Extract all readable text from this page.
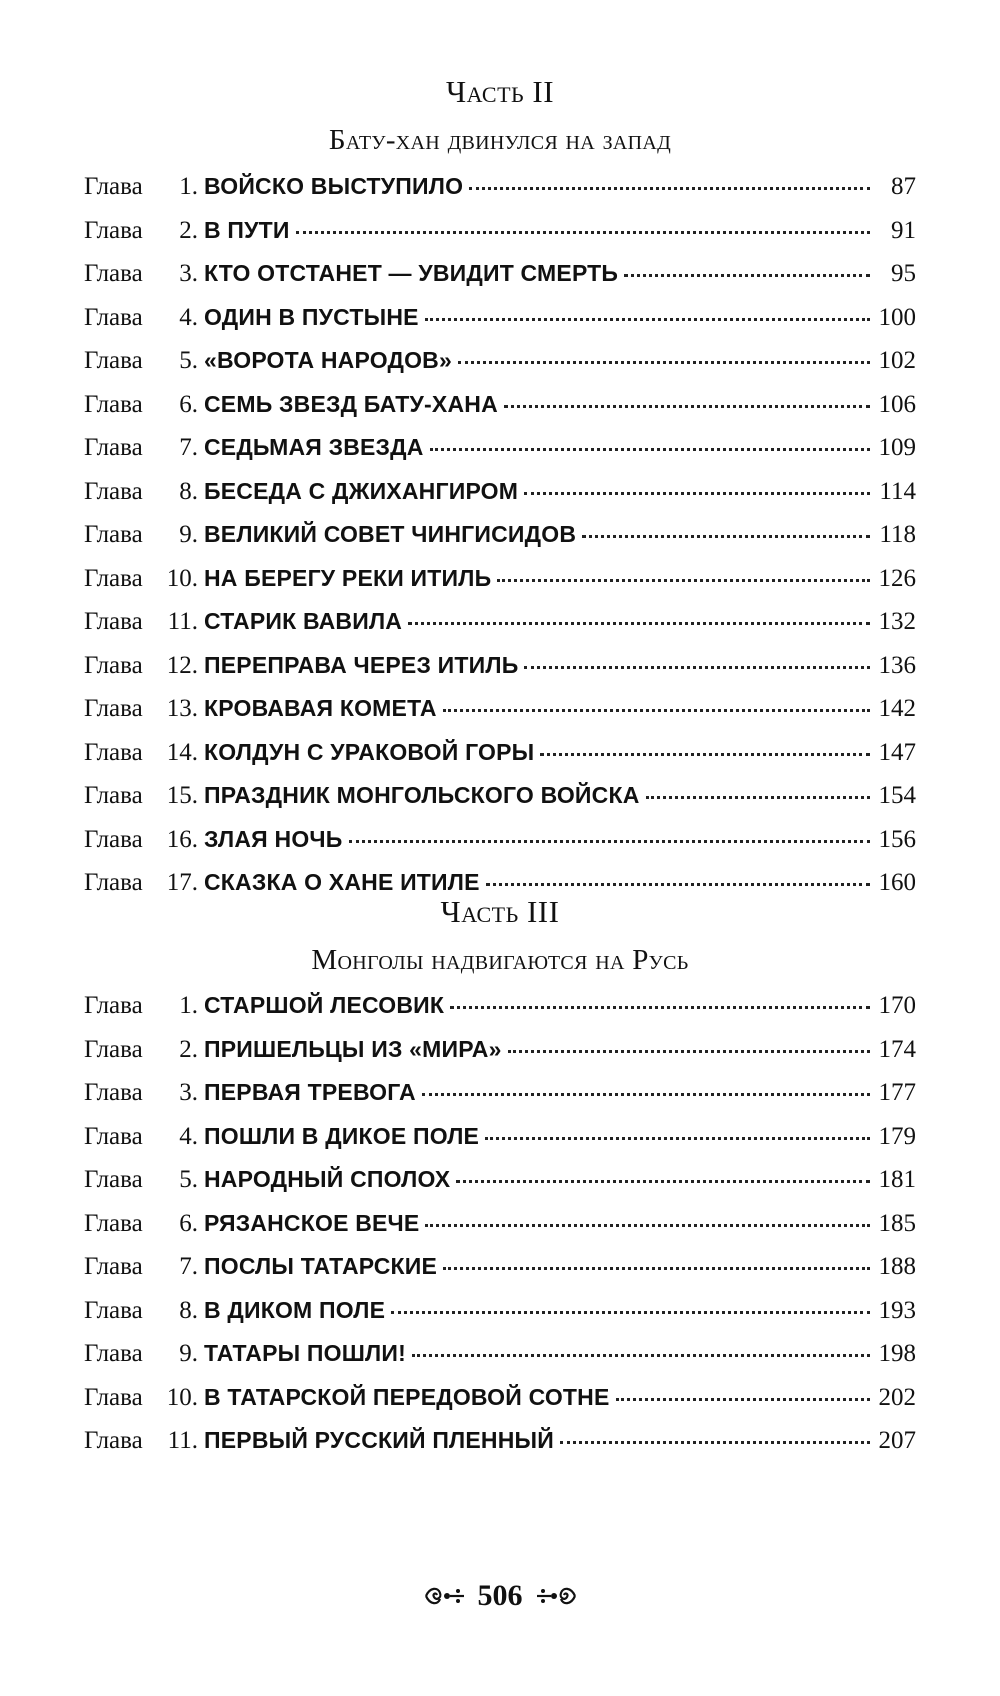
Часть II
Бату-хан двинулся на запад
Глава	1. ВОЙСКО ВЫСТУПИЛО	87
Глава	2. В ПУТИ	91
Глава	3. КТО ОТСТАНЕТ — УВИДИТ СМЕРТЬ	95
Глава	4. ОДИН В ПУСТЫНЕ	100
Глава	5. «ВОРОТА НАРОДОВ»	102
Глава	6. СЕМЬ ЗВЕЗД БАТУ-ХАНА	106
Глава	7. СЕДЬМАЯ ЗВЕЗДА	109
Глава	8. БЕСЕДА С ДЖИХАНГИРОМ	114
Глава	9. ВЕЛИКИЙ СОВЕТ ЧИНГИСИДОВ	118
Глава 10. НА БЕРЕГУ РЕКИ ИТИЛЬ	126
Глава 11. СТАРИК ВАВИЛА	132
Глава 12. ПЕРЕПРАВА ЧЕРЕЗ ИТИЛЬ	136
Глава 13. КРОВАВАЯ КОМЕТА	142
Глава 14. КОЛДУН С УРАКОВОЙ ГОРЫ	147
Глава 15. ПРАЗДНИК МОНГОЛЬСКОГО ВОЙСКА	154
Глава 16. ЗЛАЯ НОЧЬ	156
Глава 17. СКАЗКА О ХАНЕ ИТИЛЕ	160
Часть III
Монголы надвигаются на Русь
Глава	1. СТАРШОЙ ЛЕСОВИК	170
Глава	2. ПРИШЕЛЬЦЫ ИЗ «МИРА»	174
Глава	3. ПЕРВАЯ ТРЕВОГА	177
Глава	4. ПОШЛИ В ДИКОЕ ПОЛЕ	179
Глава	5. НАРОДНЫЙ СПОЛОХ	181
Глава	6. РЯЗАНСКОЕ ВЕЧЕ	185
Глава	7. ПОСЛЫ ТАТАРСКИЕ	188
Глава	8. В ДИКОМ ПОЛЕ	193
Глава	9. ТАТАРЫ ПОШЛИ!	198
Глава 10. В ТАТАРСКОЙ ПЕРЕДОВОЙ СОТНЕ	202
Глава 11. ПЕРВЫЙ РУССКИЙ ПЛЕННЫЙ	207
506
